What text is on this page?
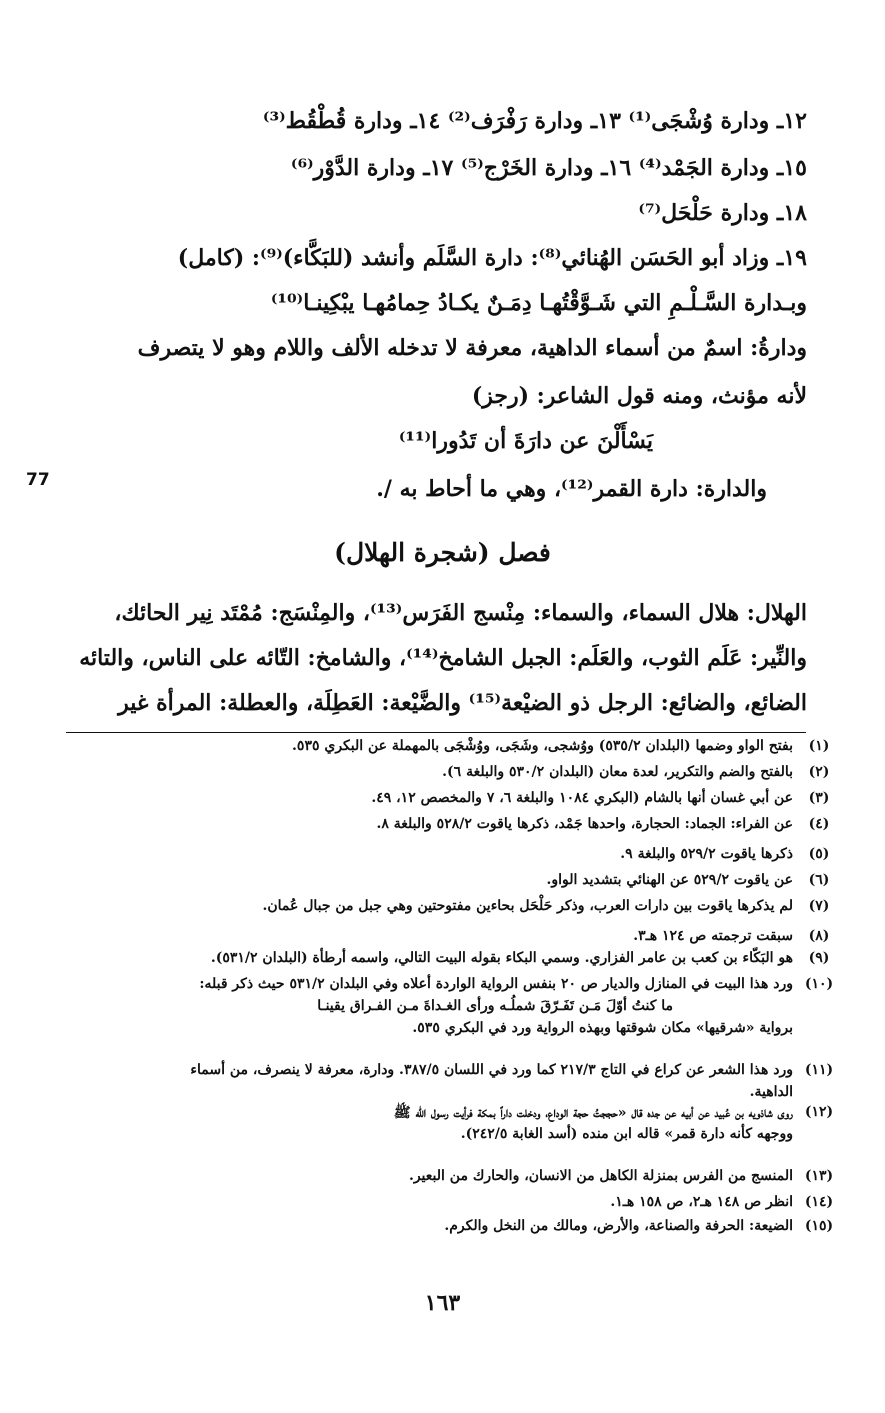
١٢ـ ودارة وُشْجَى⁽¹⁾ ١٣ـ ودارة رَفْرَف⁽²⁾ ١٤ـ ودارة قُطْقُط⁽³⁾
١٥ـ ودارة الجَمْد⁽⁴⁾ ١٦ـ ودارة الخَرْج⁽⁵⁾ ١٧ـ ودارة الدَّوْر⁽⁶⁾
١٨ـ ودارة حَلْحَل⁽⁷⁾
١٩ـ وزاد أبو الحَسَن الهُنائي⁽⁸⁾: دارة السَّلَم وأنشد (للبَكَّاء)⁽⁹⁾: (كامل)
وبـدارة السَّـلْـمِ التي شَـوَّقْتُهـا دِمَـنٌ يكـادُ حِمامُهـا يبْكِينـا⁽¹⁰⁾
ودارةُ: اسمٌ من أسماء الداهية، معرفة لا تدخله الألف واللام وهو لا يتصرف
لأنه مؤنث، ومنه قول الشاعر: (رجز)
يَسْأَلْنَ عن دارَةَ أن تَدُورا⁽¹¹⁾
والدارة: دارة القمر⁽¹²⁾، وهي ما أحاط به /.
77
فصل (شجرة الهلال)
الهلال: هلال السماء، والسماء: مِنْسج الفَرَس⁽¹³⁾، والمِنْسَج: مُمْتَد نِير الحائك،
والنِّير: عَلَم الثوب، والعَلَم: الجبل الشامخ⁽¹⁴⁾، والشامخ: التّائه على الناس، والتائه
الضائع، والضائع: الرجل ذو الضيْعة⁽¹⁵⁾ والضَّيْعة: العَطِلَة، والعطلة: المرأة غير
(١)
بفتح الواو وضمها (البلدان ٥٣٥/٢) ووُشجى، وشَجَى، ووُشْجَى بالمهملة عن البكري ٥٣٥.
(٢)
بالفتح والضم والتكرير، لعدة معان (البلدان ٥٣٠/٢ والبلغة ٦).
(٣)
عن أبي غسان أنها بالشام (البكري ١٠٨٤ والبلغة ٦، ٧ والمخصص ١٢، ٤٩.
(٤)
عن الفراء: الجماد: الحجارة، واحدها جَمْد، ذكرها ياقوت ٥٢٨/٢ والبلغة ٨.
(٥)
ذكرها ياقوت ٥٢٩/٢ والبلغة ٩.
(٦)
عن ياقوت ٥٢٩/٢ عن الهنائي بتشديد الواو.
(٧)
لم يذكرها ياقوت بين دارات العرب، وذكر حَلْحَل بحاءين مفتوحتين وهي جبل من جبال عُمان.
(٨)
سبقت ترجمته ص ١٢٤ هـ٣.
(٩)
هو البَكّاء بن كعب بن عامر الفزاري. وسمي البكاء بقوله البيت التالي، واسمه أرطأة (البلدان ٥٣١/٢).
(١٠)
ورد هذا البيت في المنازل والديار ص ٢٠ بنفس الرواية الواردة أعلاه وفي البلدان ٥٣١/٢ حيث ذكر قبله:
ما كنتُ أوّلَ مَـن تَفَـرّقَ شملُـه ورأى الغـداةَ مـن الفـراق يقينـا
برواية «شرقيها» مكان شوقتها وبهذه الرواية ورد في البكري ٥٣٥.
(١١)
ورد هذا الشعر عن كراع في التاج ٢١٧/٣ كما ورد في اللسان ٣٨٧/٥. ودارة، معرفة لا ينصرف، من أسماء
الداهية.
(١٢)
روى شاذويه بن عُبيد عن أبيه عن جده قال «حججتُ حجة الوداع، ودخلت داراً بمكة فرأيت رسول الله ﷺ
ووجهه كأنه دارة قمر» قاله ابن منده (أسد الغابة ٢٤٢/٥).
(١٣)
المنسج من الفرس بمنزلة الكاهل من الانسان، والحارك من البعير.
(١٤)
انظر ص ١٤٨ هـ٢، ص ١٥٨ هـ١.
(١٥)
الضيعة: الحرفة والصناعة، والأرض، ومالك من النخل والكرم.
١٦٣
